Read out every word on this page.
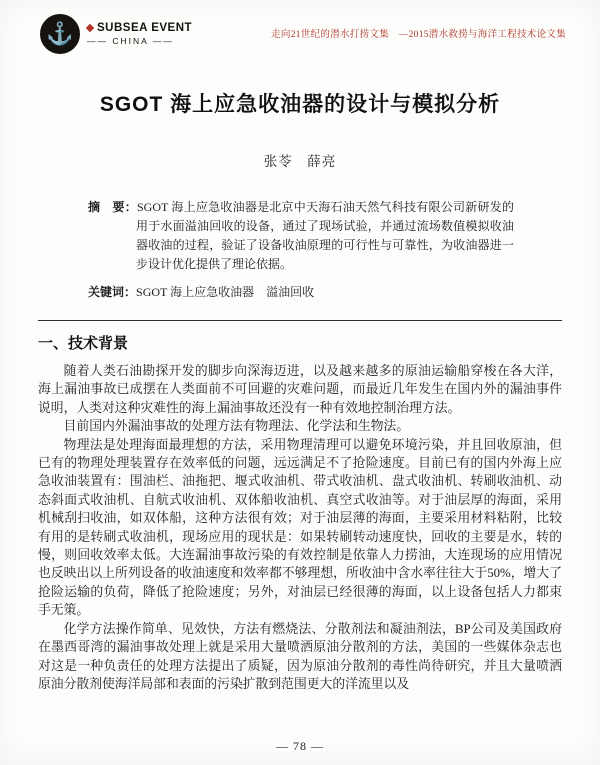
⚓	SUBSEA EVENT
—— CHINA ——
走向21世纪的潜水打捞文集　—2015潜水救捞与海洋工程技术论文集
SGOT 海上应急收油器的设计与模拟分析
张苓　薛亮

摘　要：SGOT 海上应急收油器是北京中天海石油天然气科技有限公司新研发的用于水面溢油回收的设备，通过了现场试验，并通过流场数值模拟收油器收油的过程，验证了设备收油原理的可行性与可靠性，为收油器进一步设计优化提供了理论依据。

关键词：SGOT 海上应急收油器　溢油回收

一、技术背景

随着人类石油勘探开发的脚步向深海迈进，以及越来越多的原油运输船穿梭在各大洋，海上漏油事故已成摆在人类面前不可回避的灾难问题，而最近几年发生在国内外的漏油事件说明，人类对这种灾难性的海上漏油事故还没有一种有效地控制治理方法。

目前国内外漏油事故的处理方法有物理法、化学法和生物法。

物理法是处理海面最理想的方法，采用物理清理可以避免环境污染，并且回收原油，但已有的物理处理装置存在效率低的问题，远远满足不了抢险速度。目前已有的国内外海上应急收油装置有：围油栏、油拖把、堰式收油机、带式收油机、盘式收油机、转刷收油机、动态斜面式收油机、自航式收油机、双体船收油机、真空式收油等。对于油层厚的海面，采用机械刮扫收油，如双体船，这种方法很有效；对于油层薄的海面，主要采用材料粘附，比较有用的是转刷式收油机，现场应用的现状是：如果转刷转动速度快，回收的主要是水，转的慢，则回收效率太低。大连漏油事故污染的有效控制是依靠人力捞油，大连现场的应用情况也反映出以上所列设备的收油速度和效率都不够理想，所收油中含水率往往大于50%，增大了抢险运输的负荷，降低了抢险速度；另外，对油层已经很薄的海面，以上设备包括人力都束手无策。

化学方法操作简单、见效快，方法有燃烧法、分散剂法和凝油剂法，BP公司及美国政府在墨西哥湾的漏油事故处理上就是采用大量喷洒原油分散剂的方法，美国的一些媒体杂志也对这是一种负责任的处理方法提出了质疑，因为原油分散剂的毒性尚待研究，并且大量喷洒原油分散剂使海洋局部和表面的污染扩散到范围更大的洋流里以及

— 78 —
